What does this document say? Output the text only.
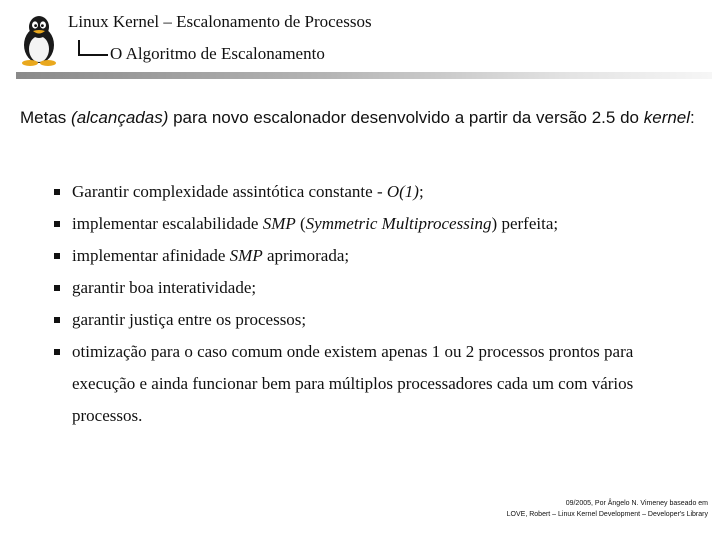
Linux Kernel – Escalonamento de Processos
O Algoritmo de Escalonamento
Metas (alcançadas) para novo escalonador desenvolvido a partir da versão 2.5 do kernel:
Garantir complexidade assintótica constante - O(1);
implementar escalabilidade SMP (Symmetric Multiprocessing) perfeita;
implementar afinidade SMP aprimorada;
garantir boa interatividade;
garantir justiça entre os processos;
otimização para o caso comum onde existem apenas 1 ou 2 processos prontos para execução e ainda funcionar bem para múltiplos processadores cada um com vários processos.
09/2005, Por Ângelo N. Vimeney baseado em
LOVE, Robert – Linux Kernel Development – Developer's Library
